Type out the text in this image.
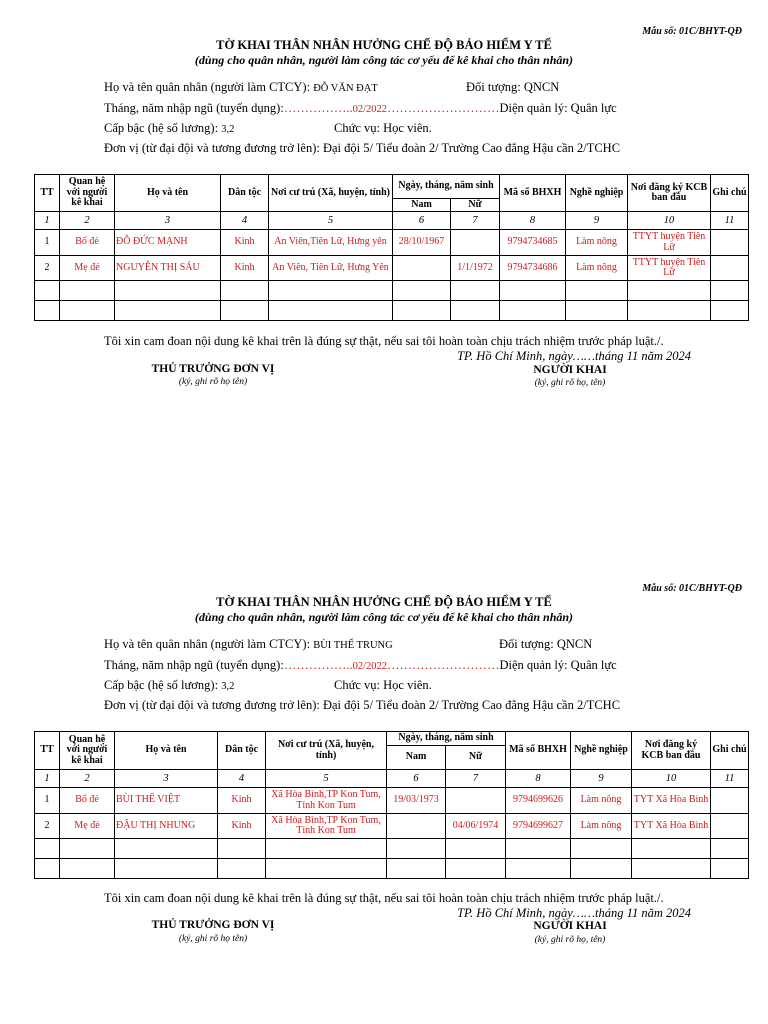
Mẫu số: 01C/BHYT-QĐ
TỜ KHAI THÂN NHÂN HƯỞNG CHẾ ĐỘ BẢO HIỂM Y TẾ
(dùng cho quân nhân, người làm công tác cơ yếu để kê khai cho thân nhân)
Họ và tên quân nhân (người làm CTCY): ĐỖ VĂN ĐẠT	Đối tượng: QNCN
Tháng, năm nhập ngũ (tuyển dụng):……………..02/2022………………………Diện quản lý: Quân lực
Cấp bậc (hệ số lương): 3,2	Chức vụ: Học viên.
Đơn vị (từ đại đội và tương đương trở lên): Đại đội 5/ Tiểu đoàn 2/ Trường Cao đẳng Hậu cần 2/TCHC
TT	Quan hệ với người kê khai	Họ và tên	Dân tộc	Nơi cư trú (Xã, huyện, tỉnh)	Ngày, tháng, năm sinh		Mã số BHXH	Nghề nghiệp	Nơi đăng ký KCB ban đầu	Ghi chú
					Nam	Nữ				
1	2	3	4	5	6	7	8	9	10	11
1	Bố đẻ	ĐỖ ĐỨC MẠNH	Kinh	An Viên,Tiên Lữ, Hưng yên	28/10/1967		9794734685	Làm nông	TTYT huyện Tiên Lữ	
2	Mẹ đẻ	NGUYỄN THỊ SÁU	Kinh	An Viên, Tiên Lữ, Hưng Yên		1/1/1972	9794734686	Làm nông	TTYT huyện Tiên Lữ	

Tôi xin cam đoan nội dung kê khai trên là đúng sự thật, nếu sai tôi hoàn toàn chịu trách nhiệm trước pháp luật./.
TP. Hồ Chí Minh, ngày……tháng 11 năm 2024
THỦ TRƯỞNG ĐƠN VỊ
(ký, ghi rõ họ tên)
NGƯỜI KHAI
(ký, ghi rõ họ, tên)
Mẫu số: 01C/BHYT-QĐ
TỜ KHAI THÂN NHÂN HƯỞNG CHẾ ĐỘ BẢO HIỂM Y TẾ
(dùng cho quân nhân, người làm công tác cơ yếu để kê khai cho thân nhân)
Họ và tên quân nhân (người làm CTCY): BÙI THẾ TRUNG	Đối tượng: QNCN
Tháng, năm nhập ngũ (tuyển dụng):……………..02/2022………………………Diện quản lý: Quân lực
Cấp bậc (hệ số lương): 3,2	Chức vụ: Học viên.
Đơn vị (từ đại đội và tương đương trở lên): Đại đội 5/ Tiểu đoàn 2/ Trường Cao đẳng Hậu cần 2/TCHC
TT	Quan hệ với người kê khai	Họ và tên	Dân tộc	Nơi cư trú (Xã, huyện, tỉnh)	Ngày, tháng, năm sinh		Mã số BHXH	Nghề nghiệp	Nơi đăng ký KCB ban đầu	Ghi chú
					Nam	Nữ				
1	2	3	4	5	6	7	8	9	10	11
1	Bố đẻ	BÙI THẾ VIỆT	Kinh	Xã Hòa Bình,TP Kon Tum, Tỉnh Kon Tum	19/03/1973		9794699626	Làm nông	TYT Xã Hòa Bình	
2	Mẹ đẻ	ĐẬU THỊ NHUNG	Kinh	Xã Hòa Bình,TP Kon Tum, Tỉnh Kon Tum		04/06/1974	9794699627	Làm nông	TYT Xã Hòa Bình	

Tôi xin cam đoan nội dung kê khai trên là đúng sự thật, nếu sai tôi hoàn toàn chịu trách nhiệm trước pháp luật./.
TP. Hồ Chí Minh, ngày……tháng 11 năm 2024
THỦ TRƯỞNG ĐƠN VỊ
(ký, ghi rõ họ tên)
NGƯỜI KHAI
(ký, ghi rõ họ, tên)
